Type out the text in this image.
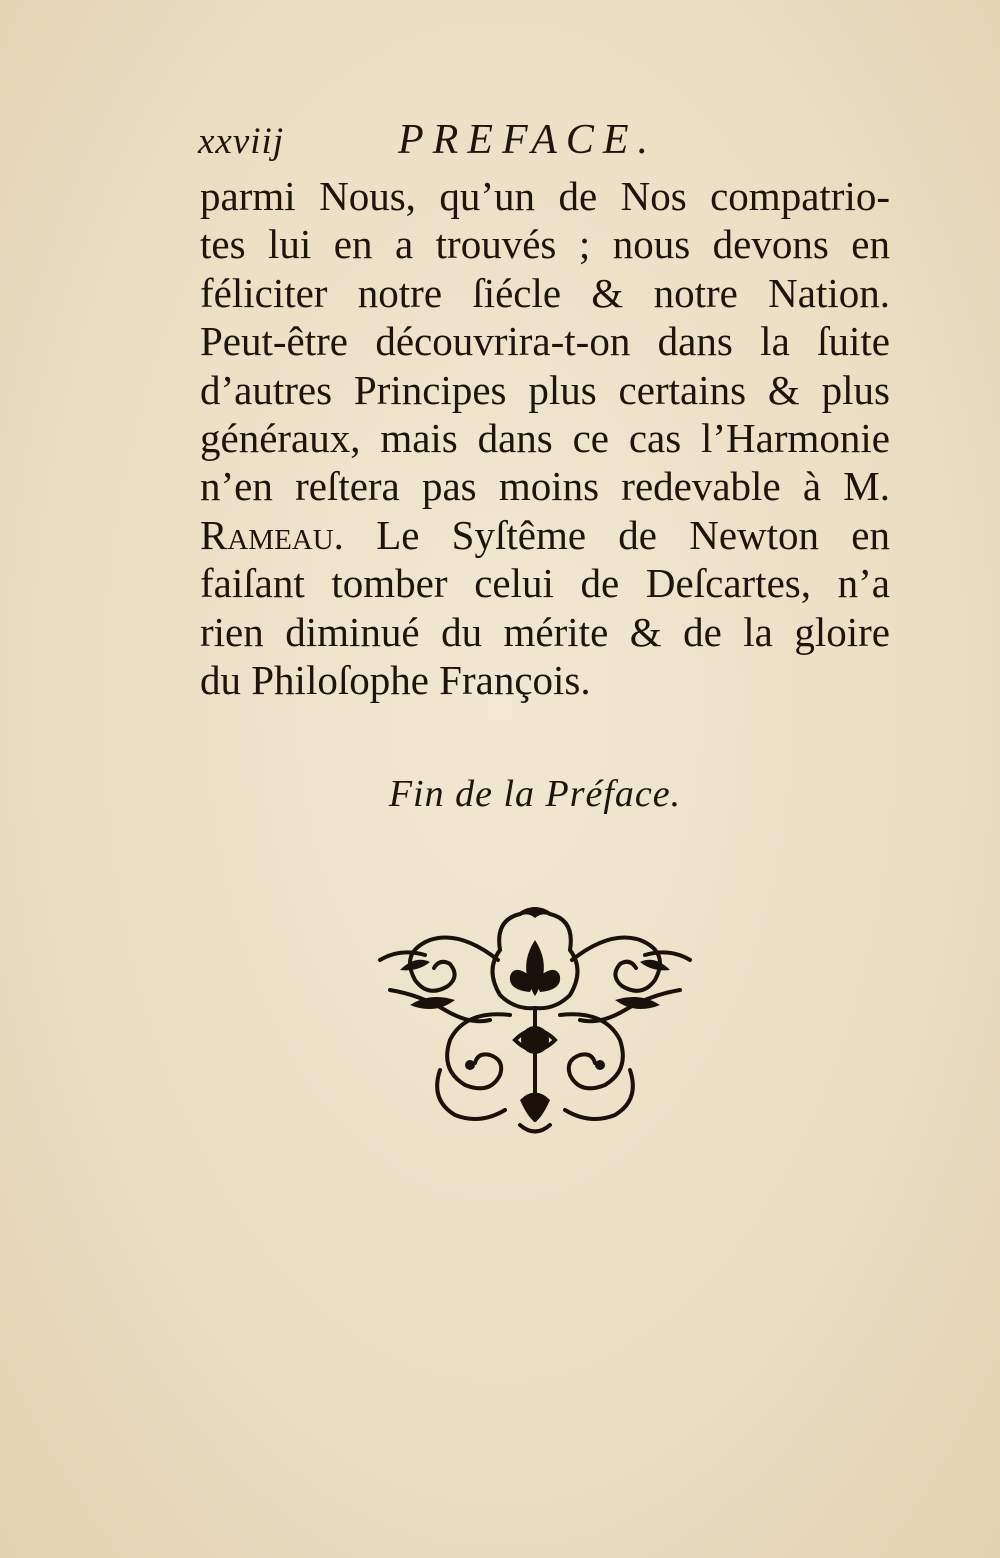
xxviij	PREFACE.
parmi Nous, qu’un de Nos compatrio-
tes lui en a trouvés ; nous devons en
féliciter notre ſiécle & notre Nation.
Peut-être découvrira-t-on dans la ſuite
d’autres Principes plus certains & plus
généraux, mais dans ce cas l’Harmonie
n’en reſtera pas moins redevable à M.
Rameau. Le Syſtême de Newton en
faiſant tomber celui de Deſcartes, n’a
rien diminué du mérite & de la gloire
du Philoſophe François.
Fin de la Préface.
